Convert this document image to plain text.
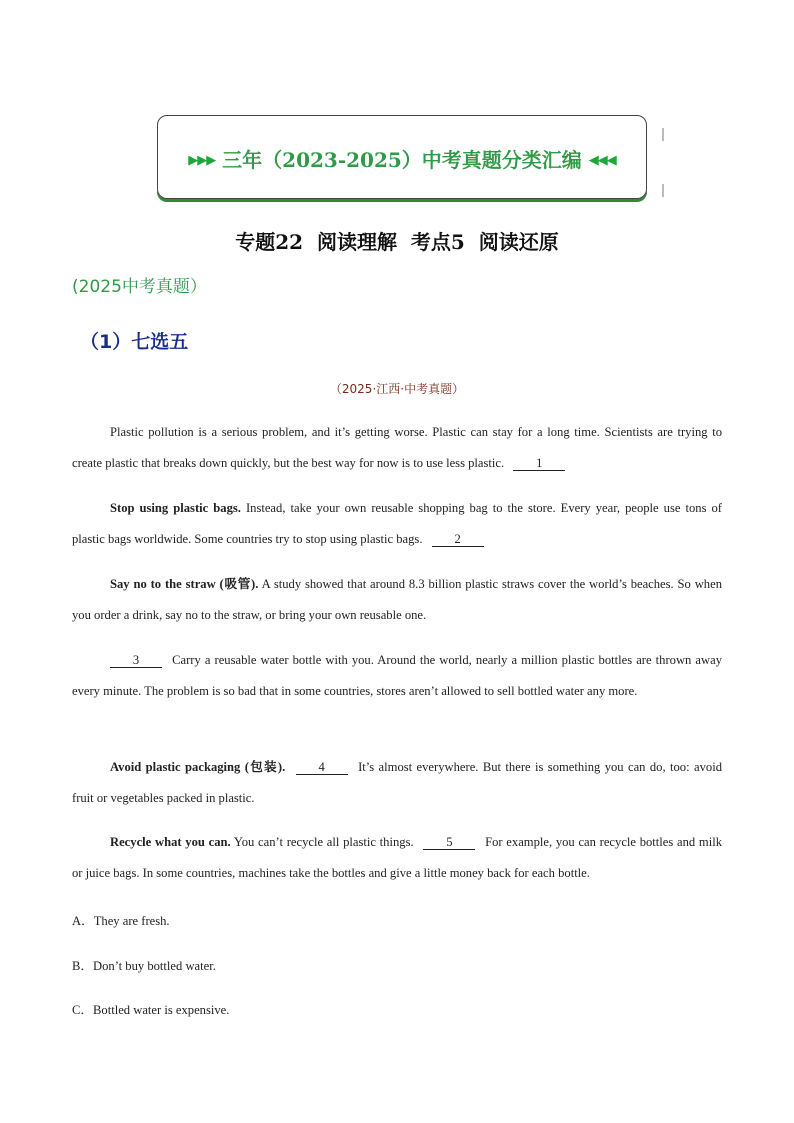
▶▶▶ 三年（2023-2025）中考真题分类汇编 ◀◀◀
专题22  阅读理解  考点5  阅读还原
(2025中考真题）
（1）七选五
（2025·江西·中考真题）
Plastic pollution is a serious problem, and it’s getting worse. Plastic can stay for a long time. Scientists are trying to create plastic that breaks down quickly, but the best way for now is to use less plastic.	1
Stop using plastic bags. Instead, take your own reusable shopping bag to the store. Every year, people use tons of plastic bags worldwide. Some countries try to stop using plastic bags.	2
Say no to the straw (吸管). A study showed that around 8.3 billion plastic straws cover the world’s beaches. So when you order a drink, say no to the straw, or bring your own reusable one.
3	Carry a reusable water bottle with you. Around the world, nearly a million plastic bottles are thrown away every minute. The problem is so bad that in some countries, stores aren’t allowed to sell bottled water any more.
Avoid plastic packaging (包装).	4	It’s almost everywhere. But there is something you can do, too: avoid fruit or vegetables packed in plastic.
Recycle what you can. You can’t recycle all plastic things.	5	For example, you can recycle bottles and milk or juice bags. In some countries, machines take the bottles and give a little money back for each bottle.
A．They are fresh.
B．Don’t buy bottled water.
C．Bottled water is expensive.
